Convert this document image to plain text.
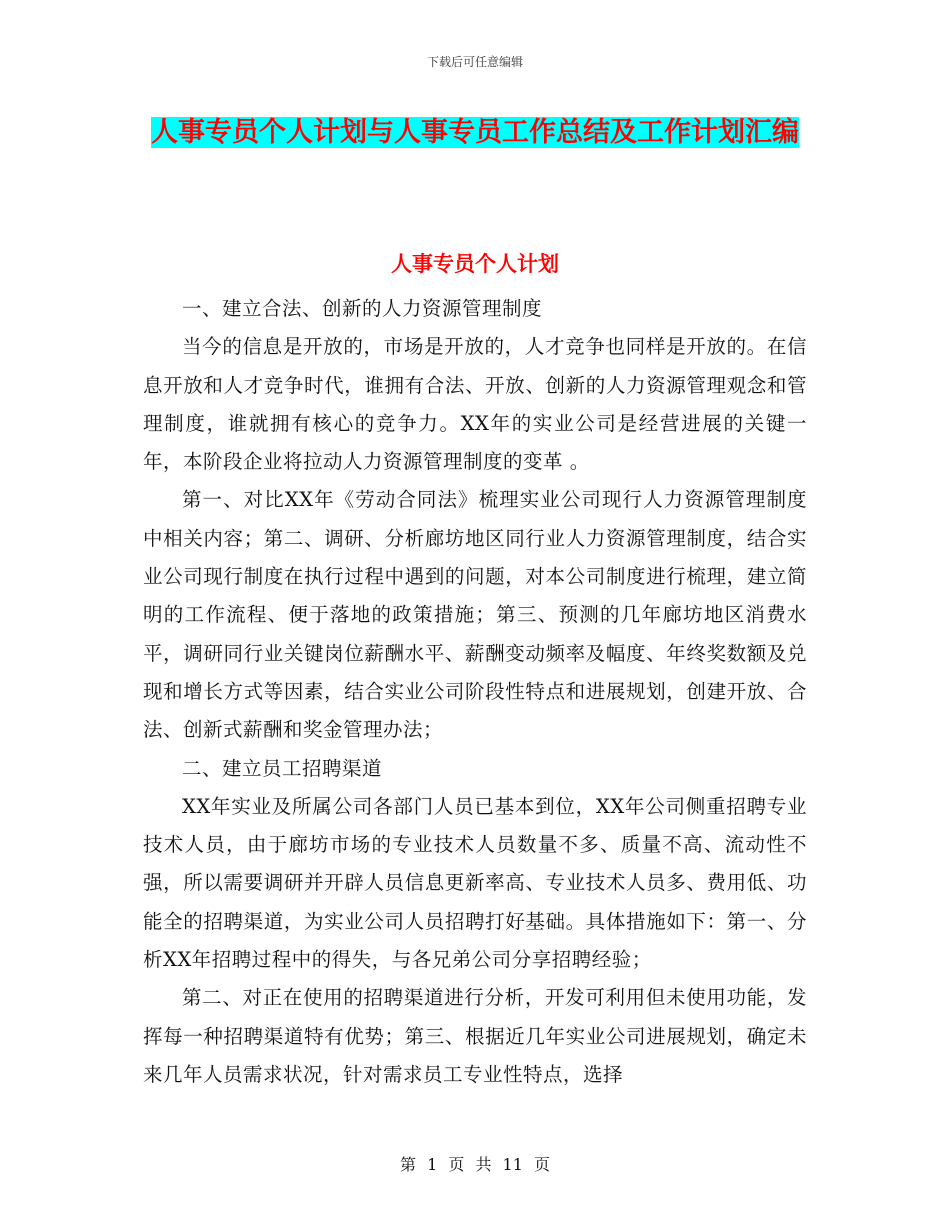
下载后可任意编辑
人事专员个人计划与人事专员工作总结及工作计划汇编
人事专员个人计划

一、建立合法、创新的人力资源管理制度

当今的信息是开放的，市场是开放的，人才竞争也同样是开放的。在信息开放和人才竞争时代，谁拥有合法、开放、创新的人力资源管理观念和管理制度，谁就拥有核心的竞争力。XX年的实业公司是经营进展的关键一年，本阶段企业将拉动人力资源管理制度的变革 。

第一、对比XX年《劳动合同法》梳理实业公司现行人力资源管理制度中相关内容；第二、调研、分析廊坊地区同行业人力资源管理制度，结合实业公司现行制度在执行过程中遇到的问题，对本公司制度进行梳理，建立简明的工作流程、便于落地的政策措施；第三、预测的几年廊坊地区消费水平，调研同行业关键岗位薪酬水平、薪酬变动频率及幅度、年终奖数额及兑现和增长方式等因素，结合实业公司阶段性特点和进展规划，创建开放、合法、创新式薪酬和奖金管理办法；

二、建立员工招聘渠道

XX年实业及所属公司各部门人员已基本到位，XX年公司侧重招聘专业技术人员，由于廊坊市场的专业技术人员数量不多、质量不高、流动性不强，所以需要调研并开辟人员信息更新率高、专业技术人员多、费用低、功能全的招聘渠道，为实业公司人员招聘打好基础。具体措施如下：第一、分析XX年招聘过程中的得失，与各兄弟公司分享招聘经验；

第二、对正在使用的招聘渠道进行分析，开发可利用但未使用功能，发挥每一种招聘渠道特有优势；第三、根据近几年实业公司进展规划，确定未来几年人员需求状况，针对需求员工专业性特点，选择

第 1 页 共 11 页
